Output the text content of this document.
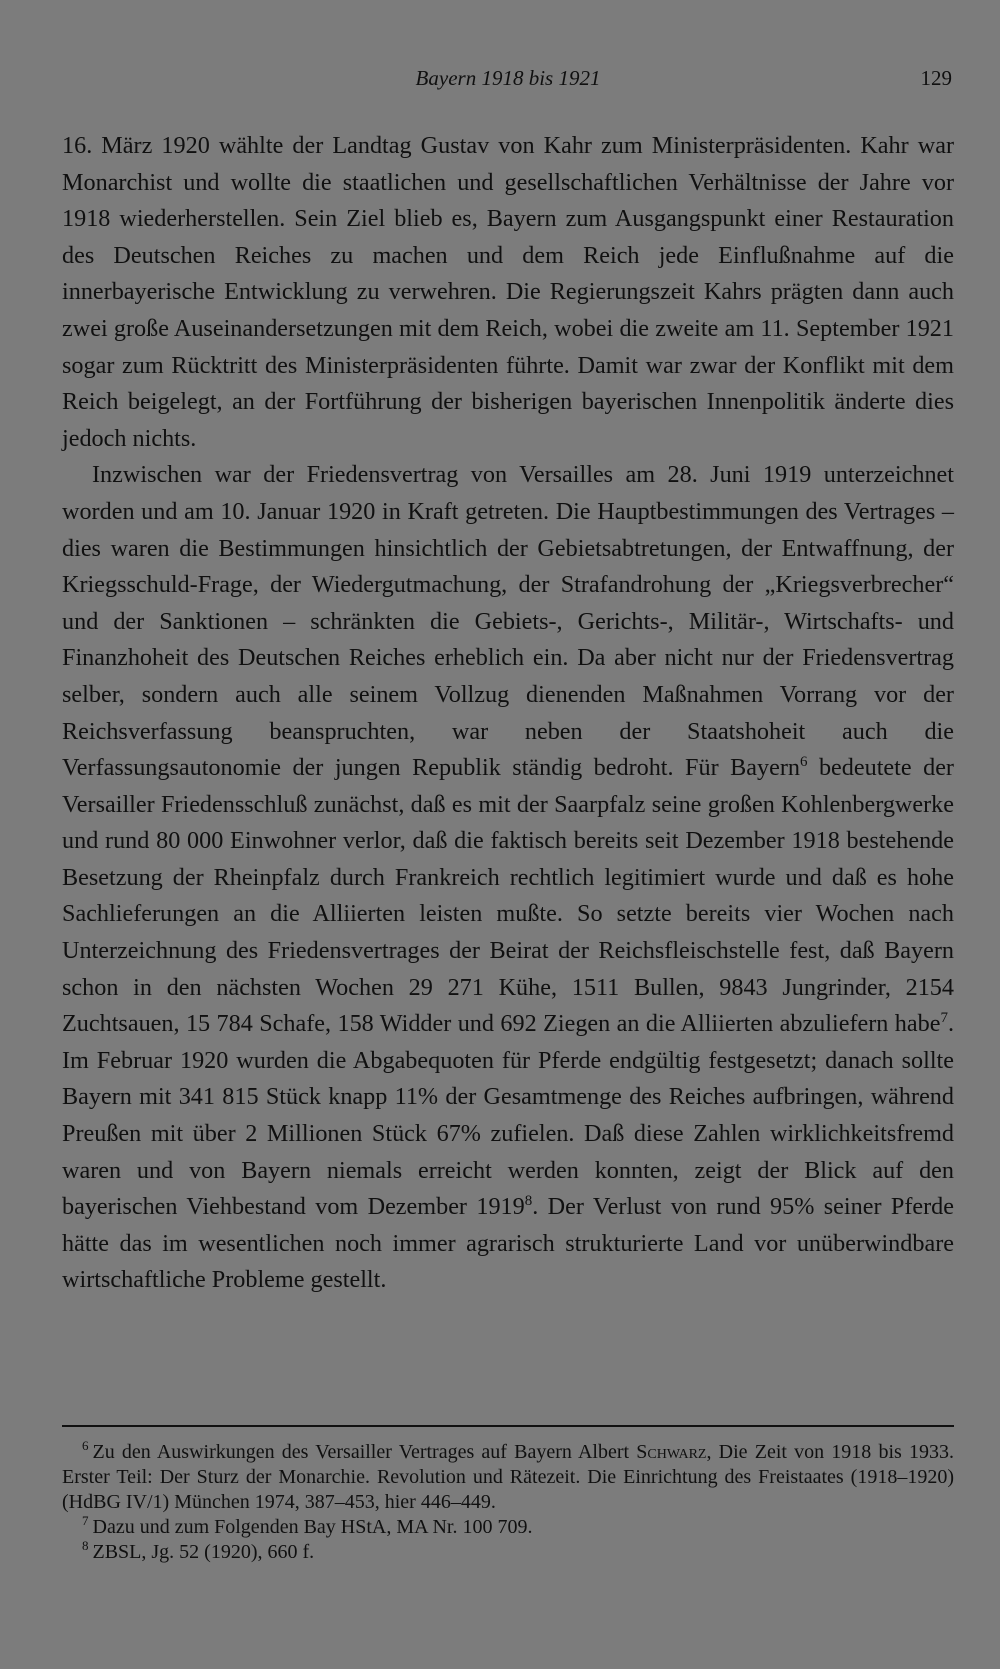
Bayern 1918 bis 1921	129

16. März 1920 wählte der Landtag Gustav von Kahr zum Ministerpräsidenten. Kahr war Monarchist und wollte die staatlichen und gesellschaftlichen Verhältnisse der Jahre vor 1918 wiederherstellen. Sein Ziel blieb es, Bayern zum Ausgangspunkt einer Restauration des Deutschen Reiches zu machen und dem Reich jede Einflußnahme auf die innerbayerische Entwicklung zu verwehren. Die Regierungszeit Kahrs prägten dann auch zwei große Auseinandersetzungen mit dem Reich, wobei die zweite am 11. September 1921 sogar zum Rücktritt des Ministerpräsidenten führte. Damit war zwar der Konflikt mit dem Reich beigelegt, an der Fortführung der bisherigen bayerischen Innenpolitik änderte dies jedoch nichts.

Inzwischen war der Friedensvertrag von Versailles am 28. Juni 1919 unterzeichnet worden und am 10. Januar 1920 in Kraft getreten. Die Hauptbestimmungen des Vertrages – dies waren die Bestimmungen hinsichtlich der Gebietsabtretungen, der Entwaffnung, der Kriegsschuld-Frage, der Wiedergutmachung, der Strafandrohung der „Kriegsverbrecher“ und der Sanktionen – schränkten die Gebiets-, Gerichts-, Militär-, Wirtschafts- und Finanzhoheit des Deutschen Reiches erheblich ein. Da aber nicht nur der Friedensvertrag selber, sondern auch alle seinem Vollzug dienenden Maßnahmen Vorrang vor der Reichsverfassung beanspruchten, war neben der Staatshoheit auch die Verfassungsautonomie der jungen Republik ständig bedroht. Für Bayern$^6$ bedeutete der Versailler Friedensschluß zunächst, daß es mit der Saarpfalz seine großen Kohlenbergwerke und rund 80 000 Einwohner verlor, daß die faktisch bereits seit Dezember 1918 bestehende Besetzung der Rheinpfalz durch Frankreich rechtlich legitimiert wurde und daß es hohe Sachlieferungen an die Alliierten leisten mußte. So setzte bereits vier Wochen nach Unterzeichnung des Friedensvertrages der Beirat der Reichsfleischstelle fest, daß Bayern schon in den nächsten Wochen 29 271 Kühe, 1511 Bullen, 9843 Jungrinder, 2154 Zuchtsauen, 15 784 Schafe, 158 Widder und 692 Ziegen an die Alliierten abzuliefern habe$^7$. Im Februar 1920 wurden die Abgabequoten für Pferde endgültig festgesetzt; danach sollte Bayern mit 341 815 Stück knapp 11% der Gesamtmenge des Reiches aufbringen, während Preußen mit über 2 Millionen Stück 67% zufielen. Daß diese Zahlen wirklichkeitsfremd waren und von Bayern niemals erreicht werden konnten, zeigt der Blick auf den bayerischen Viehbestand vom Dezember 1919$^8$. Der Verlust von rund 95% seiner Pferde hätte das im wesentlichen noch immer agrarisch strukturierte Land vor unüberwindbare wirtschaftliche Probleme gestellt.

$^6$ Zu den Auswirkungen des Versailler Vertrages auf Bayern Albert Schwarz, Die Zeit von 1918 bis 1933. Erster Teil: Der Sturz der Monarchie. Revolution und Rätezeit. Die Einrichtung des Freistaates (1918–1920) (HdBG IV/1) München 1974, 387–453, hier 446–449.

$^7$ Dazu und zum Folgenden Bay HStA, MA Nr. 100 709.

$^8$ ZBSL, Jg. 52 (1920), 660 f.
